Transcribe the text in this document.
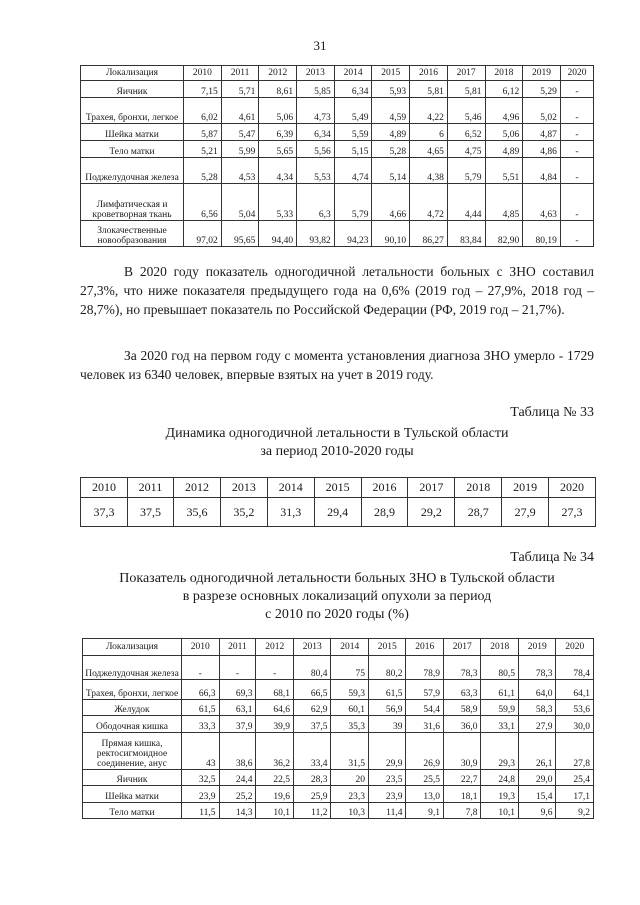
31
Локализация	2010	2011	2012	2013	2014	2015	2016	2017	2018	2019	2020
Яичник	7,15	5,71	8,61	5,85	6,34	5,93	5,81	5,81	6,12	5,29	-
Трахея, бронхи, легкое	6,02	4,61	5,06	4,73	5,49	4,59	4,22	5,46	4,96	5,02	-
Шейка матки	5,87	5,47	6,39	6,34	5,59	4,89	6	6,52	5,06	4,87	-
Тело матки	5,21	5,99	5,65	5,56	5,15	5,28	4,65	4,75	4,89	4,86	-
Поджелудочная железа	5,28	4,53	4,34	5,53	4,74	5,14	4,38	5,79	5,51	4,84	-
Лимфатическая и кроветворная ткань	6,56	5,04	5,33	6,3	5,79	4,66	4,72	4,44	4,85	4,63	-
Злокачественные новообразования	97,02	95,65	94,40	93,82	94,23	90,10	86,27	83,84	82,90	80,19	-
В 2020 году показатель одногодичной летальности больных с ЗНО составил 27,3%, что ниже показателя предыдущего года на 0,6% (2019 год – 27,9%, 2018 год – 28,7%), но превышает показатель по Российской Федерации (РФ, 2019 год – 21,7%).
За 2020 год на первом году с момента установления диагноза ЗНО умерло - 1729 человек из 6340 человек, впервые взятых на учет в 2019 году.
Таблица № 33
Динамика одногодичной летальности в Тульской области
за период 2010-2020 годы
2010	2011	2012	2013	2014	2015	2016	2017	2018	2019	2020
37,3	37,5	35,6	35,2	31,3	29,4	28,9	29,2	28,7	27,9	27,3
Таблица № 34
Показатель одногодичной летальности больных ЗНО в Тульской области
в разрезе основных локализаций опухоли за период
с 2010 по 2020 годы (%)
Локализация	2010	2011	2012	2013	2014	2015	2016	2017	2018	2019	2020
Поджелудочная железа	-	-	-	80,4	75	80,2	78,9	78,3	80,5	78,3	78,4
Трахея, бронхи, легкое	66,3	69,3	68,1	66,5	59,3	61,5	57,9	63,3	61,1	64,0	64,1
Желудок	61,5	63,1	64,6	62,9	60,1	56,9	54,4	58,9	59,9	58,3	53,6
Ободочная кишка	33,3	37,9	39,9	37,5	35,3	39	31,6	36,0	33,1	27,9	30,0
Прямая кишка, ректосигмоидное соединение, анус	43	38,6	36,2	33,4	31,5	29,9	26,9	30,9	29,3	26,1	27,8
Яичник	32,5	24,4	22,5	28,3	20	23,5	25,5	22,7	24,8	29,0	25,4
Шейка матки	23,9	25,2	19,6	25,9	23,3	23,9	13,0	18,1	19,3	15,4	17,1
Тело матки	11,5	14,3	10,1	11,2	10,3	11,4	9,1	7,8	10,1	9,6	9,2
